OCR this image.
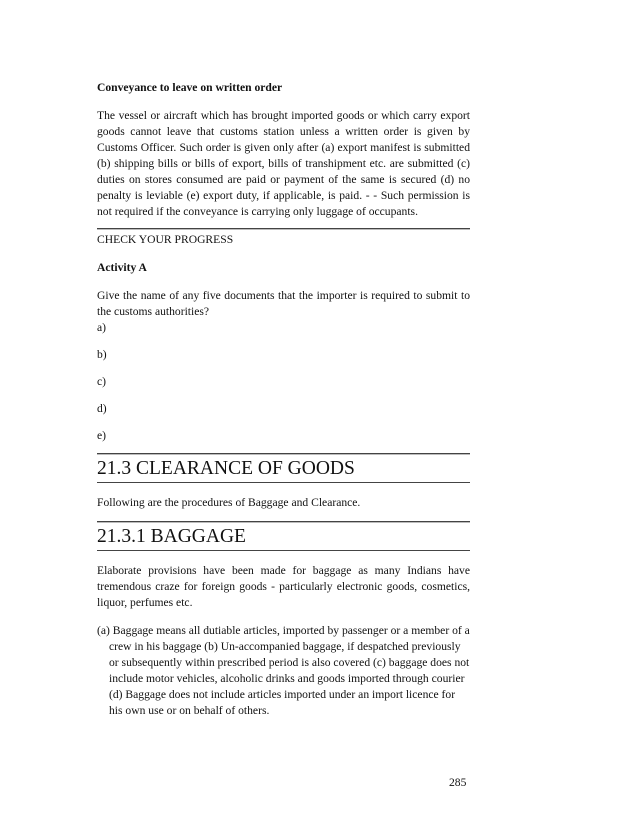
Conveyance to leave on written order

The vessel or aircraft which has brought imported goods or which carry export goods cannot leave that customs station unless a written order is given by Customs Officer. Such order is given only after (a) export manifest is submitted (b) shipping bills or bills of export, bills of transhipment etc. are submitted (c) duties on stores consumed are paid or payment of the same is secured (d) no penalty is leviable (e) export duty, if applicable, is paid. - - Such permission is not required if the conveyance is carrying only luggage of occupants.

CHECK YOUR PROGRESS

Activity A

Give the name of any five documents that the importer is required to submit to the customs authorities?

a)

b)

c)

d)

e)

21.3 CLEARANCE OF GOODS

Following are the procedures of Baggage and Clearance.

21.3.1 BAGGAGE

Elaborate provisions have been made for baggage as many Indians have tremendous craze for foreign goods - particularly electronic goods, cosmetics, liquor, perfumes etc.

(a) Baggage means all dutiable articles, imported by passenger or a member of a crew in his baggage (b) Un-accompanied baggage, if despatched previously or subsequently within prescribed period is also covered (c) baggage does not include motor vehicles, alcoholic drinks and goods imported through courier (d) Baggage does not include articles imported under an import licence for his own use or on behalf of others.

285
